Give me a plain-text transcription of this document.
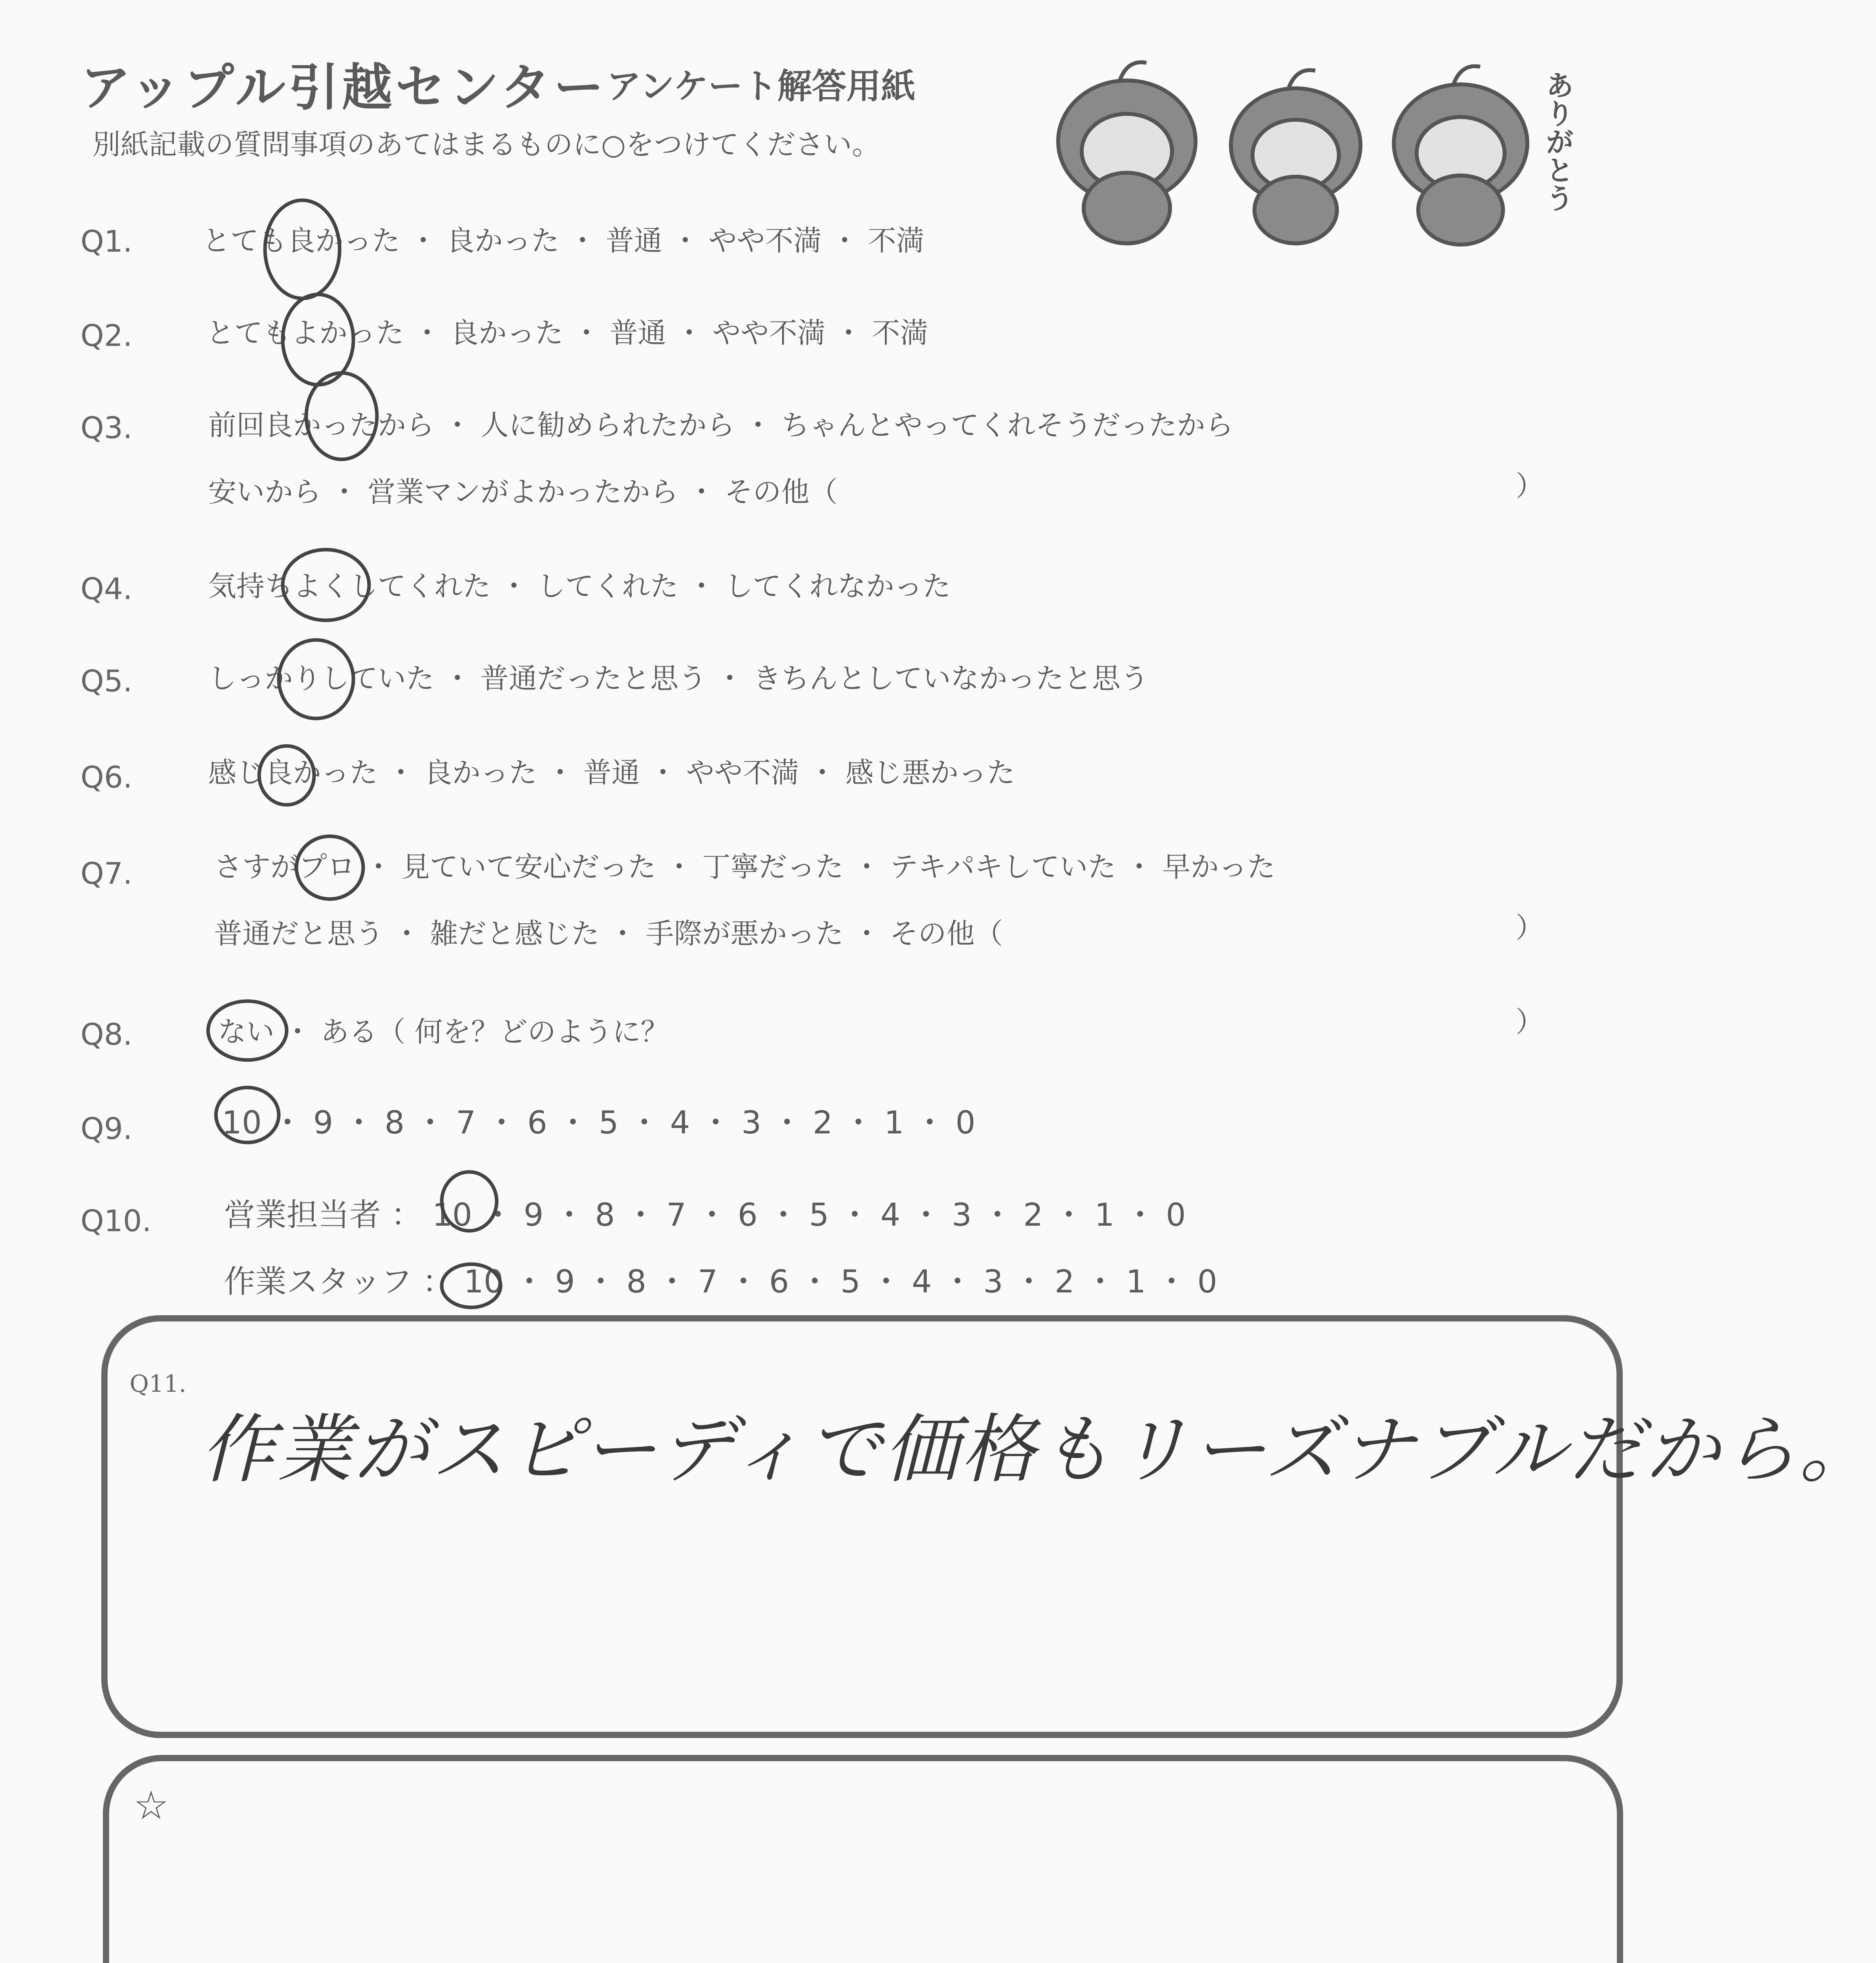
アップル引越センター アンケート解答用紙
別紙記載の質問事項のあてはまるものに○をつけてください。	ありがとう
Q1. とても良かった ・ 良かった ・ 普通 ・ やや不満 ・ 不満
Q2.	とてもよかった ・ 良かった ・ 普通 ・ やや不満 ・ 不満
Q3.	前回良かったから ・ 人に勧められたから ・ ちゃんとやってくれそうだったから
安いから ・ 営業マンがよかったから ・ その他（	）
Q4.	気持ちよくしてくれた ・ してくれた ・ してくれなかった
Q5.	しっかりしていた ・ 普通だったと思う ・ きちんとしていなかったと思う
Q6.	感じ良かった ・ 良かった ・ 普通 ・ やや不満 ・ 感じ悪かった
Q7.	さすがプロ ・ 見ていて安心だった ・ 丁寧だった ・ テキパキしていた ・ 早かった
普通だと思う ・ 雑だと感じた ・ 手際が悪かった ・ その他（	）
Q8.	ない ・ ある（ 何を？どのように？	）
Q9.	10 ・ 9 ・ 8 ・ 7 ・ 6 ・ 5 ・ 4 ・ 3 ・ 2 ・ 1 ・ 0
Q10. 営業担当者 ： 10 ・ 9 ・ 8 ・ 7 ・ 6 ・ 5 ・ 4 ・ 3 ・ 2 ・ 1 ・ 0
作業スタッフ ： 10 ・ 9 ・ 8 ・ 7 ・ 6 ・ 5 ・ 4 ・ 3 ・ 2 ・ 1 ・ 0
Q11.
作業がスピーディで価格もリーズナブルだから。
☆
